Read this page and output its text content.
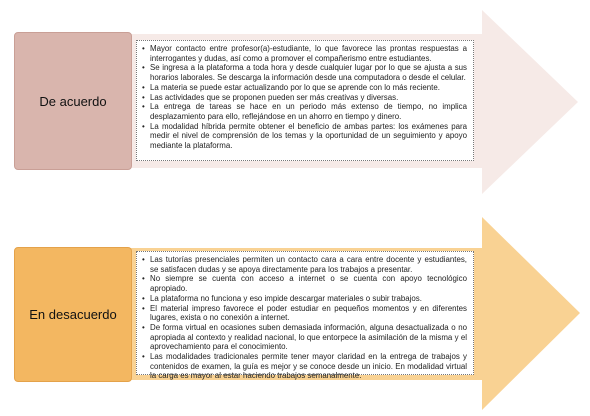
De acuerdo
• Mayor contacto entre profesor(a)-estudiante, lo que favorece las prontas respuestas a interrogantes y dudas, así como a promover el compañerismo entre estudiantes.
• Se ingresa a la plataforma a toda hora y desde cualquier lugar por lo que se ajusta a sus horarios laborales. Se descarga la información desde una computadora o desde el celular.
• La materia se puede estar actualizando por lo que se aprende con lo más reciente.
• Las actividades que se proponen pueden ser más creativas y diversas.
• La entrega de tareas se hace en un periodo más extenso de tiempo, no implica desplazamiento para ello, reflejándose en un ahorro en tiempo y dinero.
• La modalidad híbrida permite obtener el beneficio de ambas partes: los exámenes para medir el nivel de comprensión de los temas y la oportunidad de un seguimiento y apoyo mediante la plataforma.
En desacuerdo
• Las tutorías presenciales permiten un contacto cara a cara entre docente y estudiantes, se satisfacen dudas y se apoya directamente para los trabajos a presentar.
• No siempre se cuenta con acceso a internet o se cuenta con apoyo tecnológico apropiado.
• La plataforma no funciona y eso impide descargar materiales o subir trabajos.
• El material impreso favorece el poder estudiar en pequeños momentos y en diferentes lugares, exista o no conexión a internet.
• De forma virtual en ocasiones suben demasiada información, alguna desactualizada o no apropiada al contexto y realidad nacional, lo que entorpece la asimilación de la misma y el aprovechamiento para el conocimiento.
• Las modalidades tradicionales permite tener mayor claridad en la entrega de trabajos y contenidos de examen, la guía es mejor y se conoce desde un inicio. En modalidad virtual la carga es mayor al estar haciendo trabajos semanalmente.
